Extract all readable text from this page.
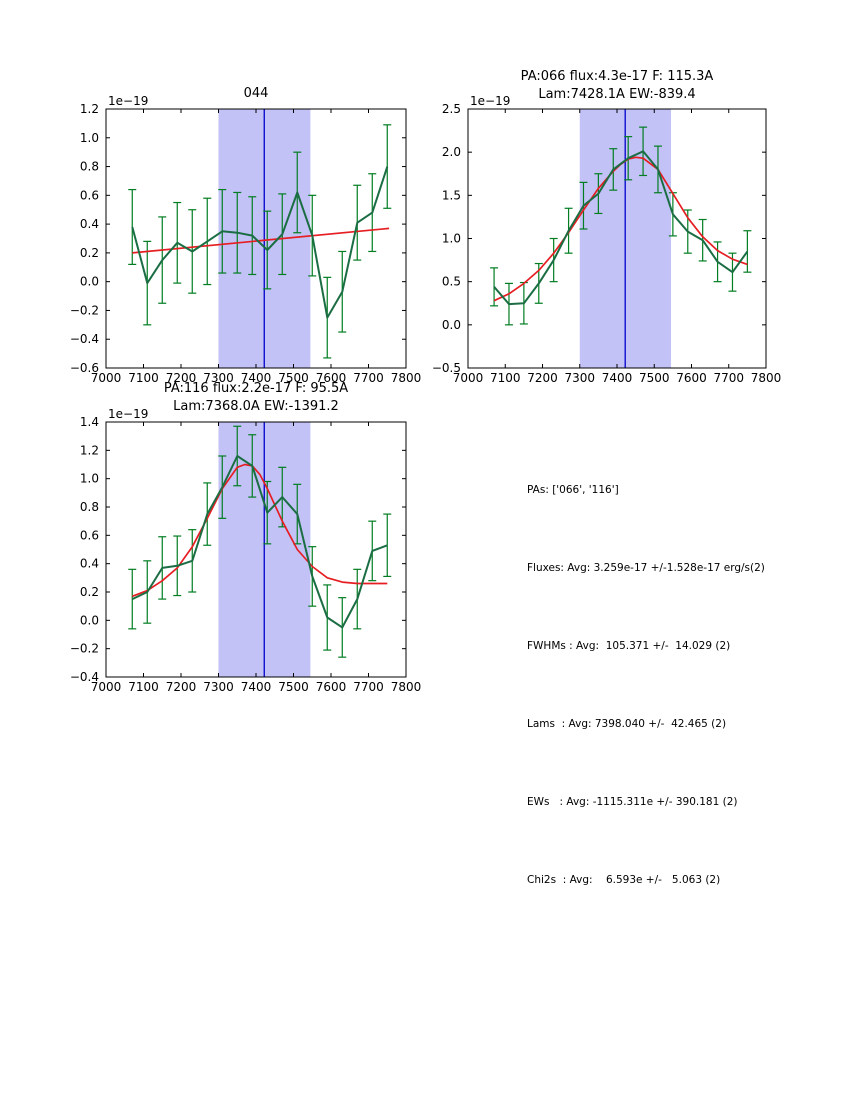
7000 7100 7200 7300 7400 7500 7600 7700 7800
−0.6
−0.4
−0.2
0.0
0.2
0.4
0.6
0.8
1.0
1.2
7000 7100 7200 7300 7400 7500 7600 7700 7800
−0.5
0.0
0.5
1.0
1.5
2.0
2.5
7000 7100 7200 7300 7400 7500 7600 7700 7800
−0.4
−0.2
0.0
0.2
0.4
0.6
0.8
1.0
1.2
1.4
044
PA:066 flux:4.3e-17 F: 115.3A
Lam:7428.1A EW:-839.4
PA:116 flux:2.2e-17 F: 95.5A
Lam:7368.0A EW:-1391.2
1e−19	1e−19
1e−19

PAs: ['066', '116']

Fluxes: Avg: 3.259e-17 +/-1.528e-17 erg/s(2)

FWHMs : Avg:  105.371 +/-  14.029 (2)

Lams  : Avg: 7398.040 +/-  42.465 (2)

EWs   : Avg: -1115.311e +/- 390.181 (2)

Chi2s  : Avg:    6.593e +/-   5.063 (2)
